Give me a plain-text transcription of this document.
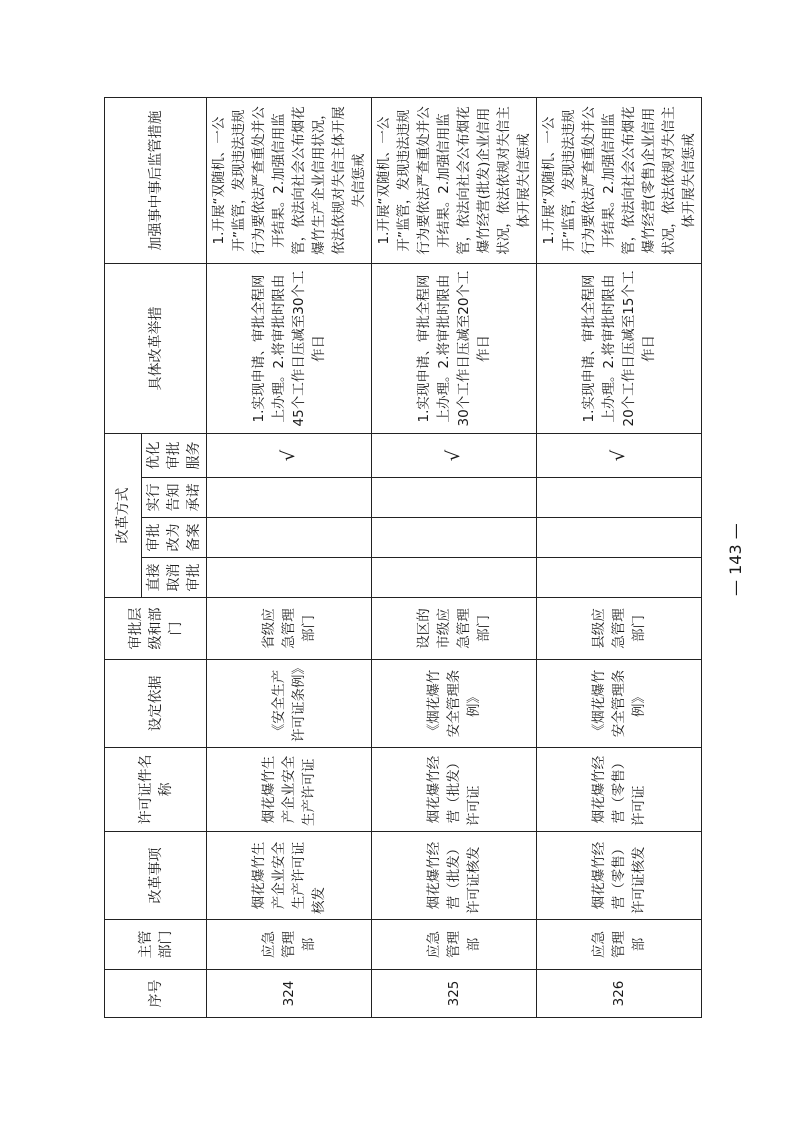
序号	主管部门	改革事项	许可证件名称	设定依据	审批层级和部门	改革方式				具体改革举措	加强事中事后监管措施
						直接取消审批	审批改为备案	实行告知承诺	优化审批服务		
324	应急管理部	烟花爆竹生产企业安全生产许可证核发	烟花爆竹生产企业安全生产许可证	《安全生产许可证条例》	省级应急管理部门				√	1.实现申请、审批全程网上办理。2.将审批时限由45个工作日压减至30个工作日	1.开展“双随机、一公开”监管，发现违法违规行为要依法严查重处并公开结果。2.加强信用监管，依法向社会公布烟花爆竹生产企业信用状况，依法依规对失信主体开展失信惩戒
325	应急管理部	烟花爆竹经营（批发）许可证核发	烟花爆竹经营（批发）许可证	《烟花爆竹安全管理条例》	设区的市级应急管理部门				√	1.实现申请、审批全程网上办理。2.将审批时限由30个工作日压减至20个工作日	1.开展“双随机、一公开”监管，发现违法违规行为要依法严查重处并公开结果。2.加强信用监管，依法向社会公布烟花爆竹经营(批发)企业信用状况，依法依规对失信主体开展失信惩戒
326	应急管理部	烟花爆竹经营（零售）许可证核发	烟花爆竹经营（零售）许可证	《烟花爆竹安全管理条例》	县级应急管理部门				√	1.实现申请、审批全程网上办理。2.将审批时限由20个工作日压减至15个工作日	1.开展“双随机、一公开”监管，发现违法违规行为要依法严查重处并公开结果。2.加强信用监管，依法向社会公布烟花爆竹经营(零售)企业信用状况，依法依规对失信主体开展失信惩戒
— 143 —
